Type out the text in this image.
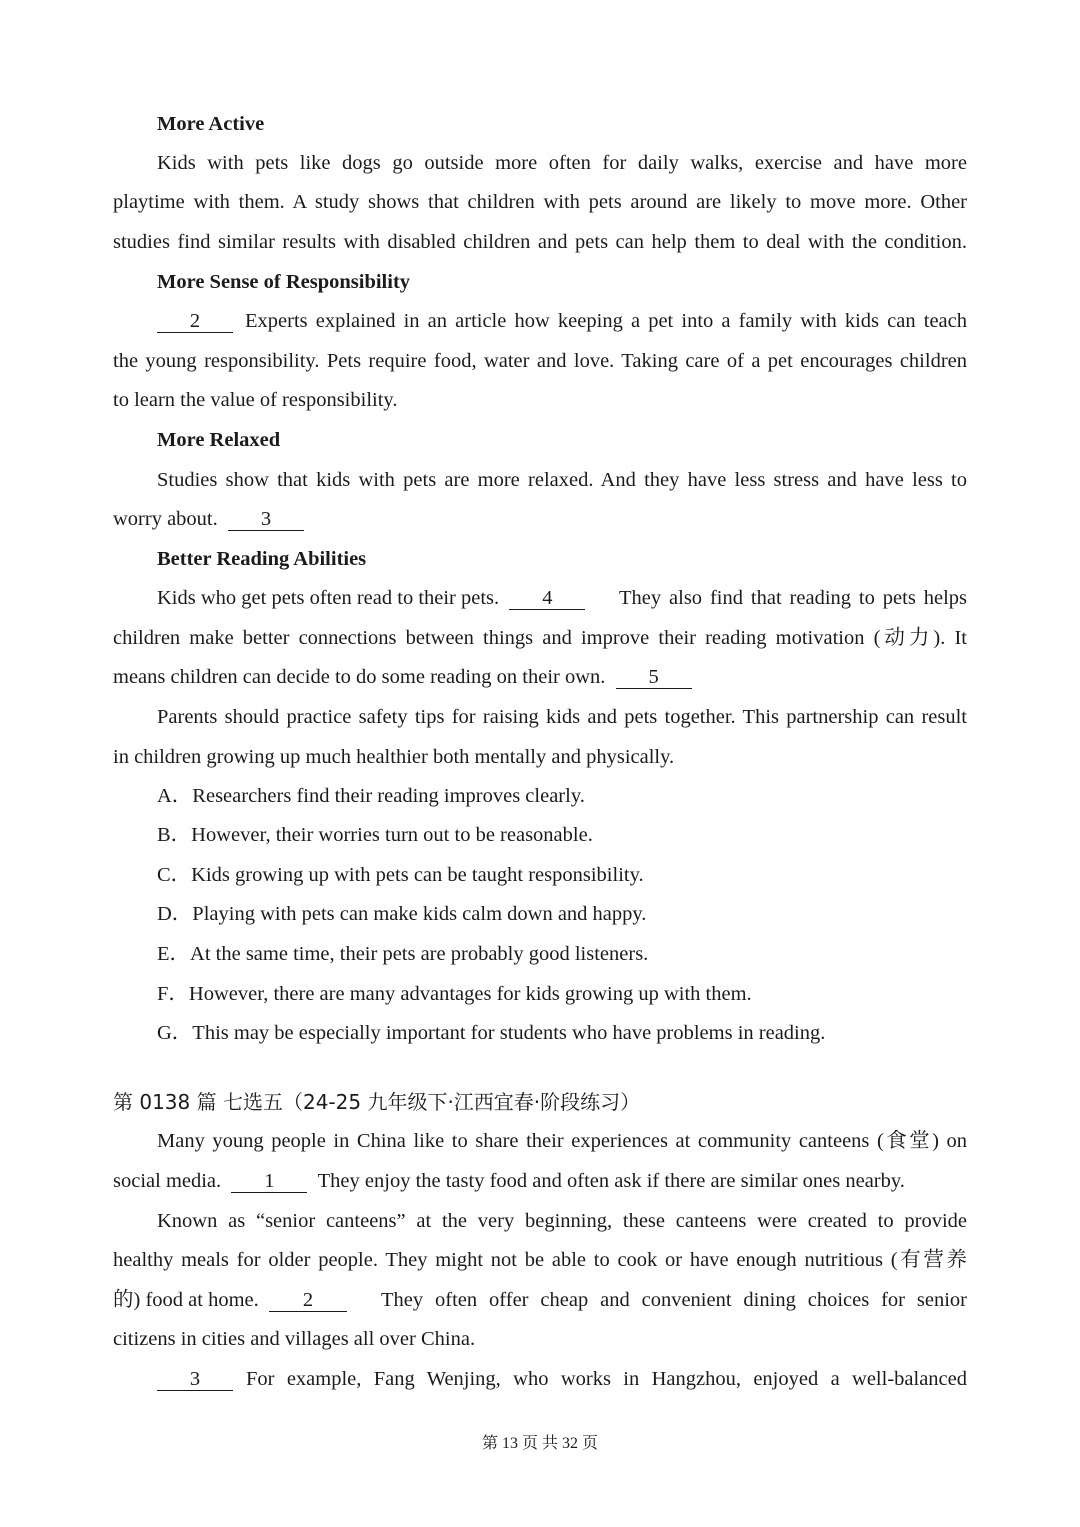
More Active
Kids with pets like dogs go outside more often for daily walks, exercise and have more
playtime with them. A study shows that children with pets around are likely to move more. Other
studies find similar results with disabled children and pets can help them to deal with the condition.
More Sense of Responsibility
2	Experts explained in an article how keeping a pet into a family with kids can teach
the young responsibility. Pets require food, water and love. Taking care of a pet encourages children
to learn the value of responsibility.
More Relaxed
Studies show that kids with pets are more relaxed. And they have less stress and have less to
worry about. 3
Better Reading Abilities
Kids who get pets often read to their pets. 4	They also find that reading to pets helps
children make better connections between things and improve their reading motivation (动力). It
means children can decide to do some reading on their own. 5
Parents should practice safety tips for raising kids and pets together. This partnership can result
in children growing up much healthier both mentally and physically.
A．Researchers find their reading improves clearly.
B．However, their worries turn out to be reasonable.
C．Kids growing up with pets can be taught responsibility.
D．Playing with pets can make kids calm down and happy.
E．At the same time, their pets are probably good listeners.
F．However, there are many advantages for kids growing up with them.
G．This may be especially important for students who have problems in reading.
第 0138 篇 七选五（24-25 九年级下·江西宜春·阶段练习）
Many young people in China like to share their experiences at community canteens (食堂) on
social media. 1 They enjoy the tasty food and often ask if there are similar ones nearby.
Known as “senior canteens” at the very beginning, these canteens were created to provide
healthy meals for older people. They might not be able to cook or have enough nutritious (有营养
的) food at home. 2	They often offer cheap and convenient dining choices for senior
citizens in cities and villages all over China.
3	For example, Fang Wenjing, who works in Hangzhou, enjoyed a well-balanced
第 13 页 共 32 页
